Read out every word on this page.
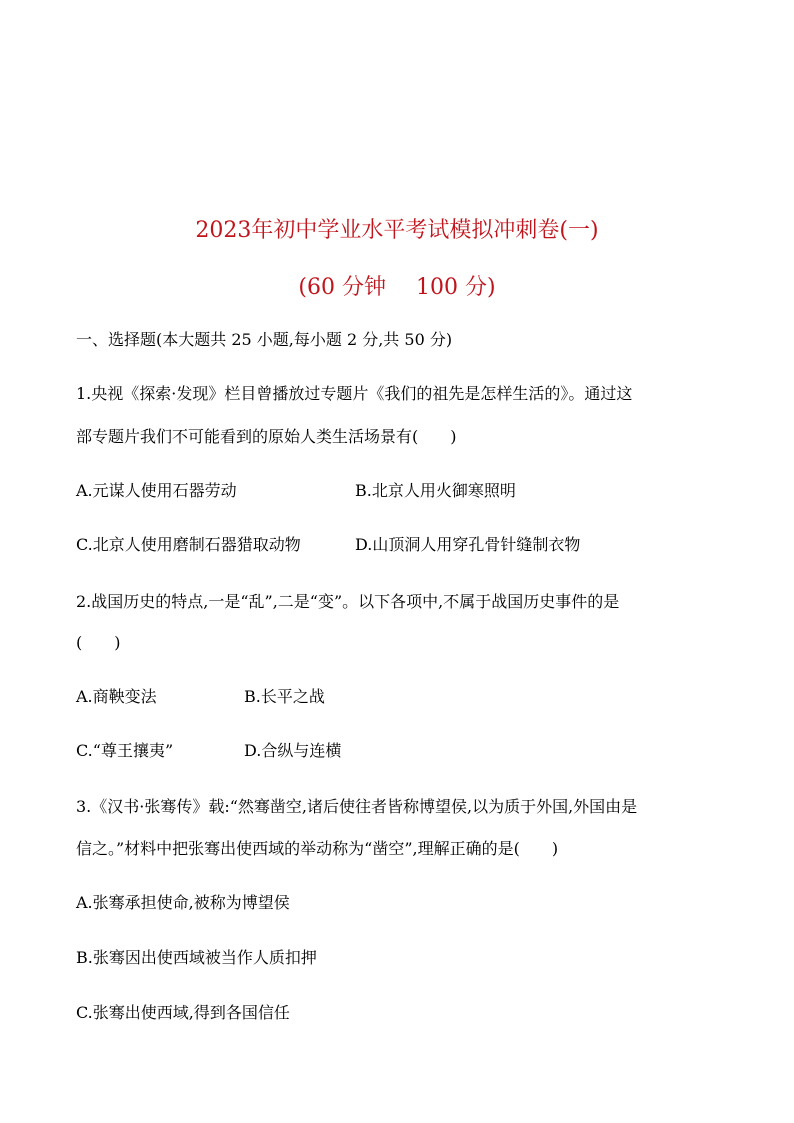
2023年初中学业水平考试模拟冲刺卷(一)
(60 分钟 100 分)
一、选择题(本大题共 25 小题,每小题 2 分,共 50 分)
1.央视《探索·发现》栏目曾播放过专题片《我们的祖先是怎样生活的》。通过这
部专题片我们不可能看到的原始人类生活场景有(　　)
A.元谋人使用石器劳动	B.北京人用火御寒照明
C.北京人使用磨制石器猎取动物	D.山顶洞人用穿孔骨针缝制衣物
2.战国历史的特点,一是“乱”,二是“变”。以下各项中,不属于战国历史事件的是
(　　)
A.商鞅变法	B.长平之战
C.“尊王攘夷”	D.合纵与连横
3.《汉书·张骞传》载:“然骞凿空,诸后使往者皆称博望侯,以为质于外国,外国由是
信之。”材料中把张骞出使西域的举动称为“凿空”,理解正确的是(　　)
A.张骞承担使命,被称为博望侯
B.张骞因出使西域被当作人质扣押
C.张骞出使西域,得到各国信任
